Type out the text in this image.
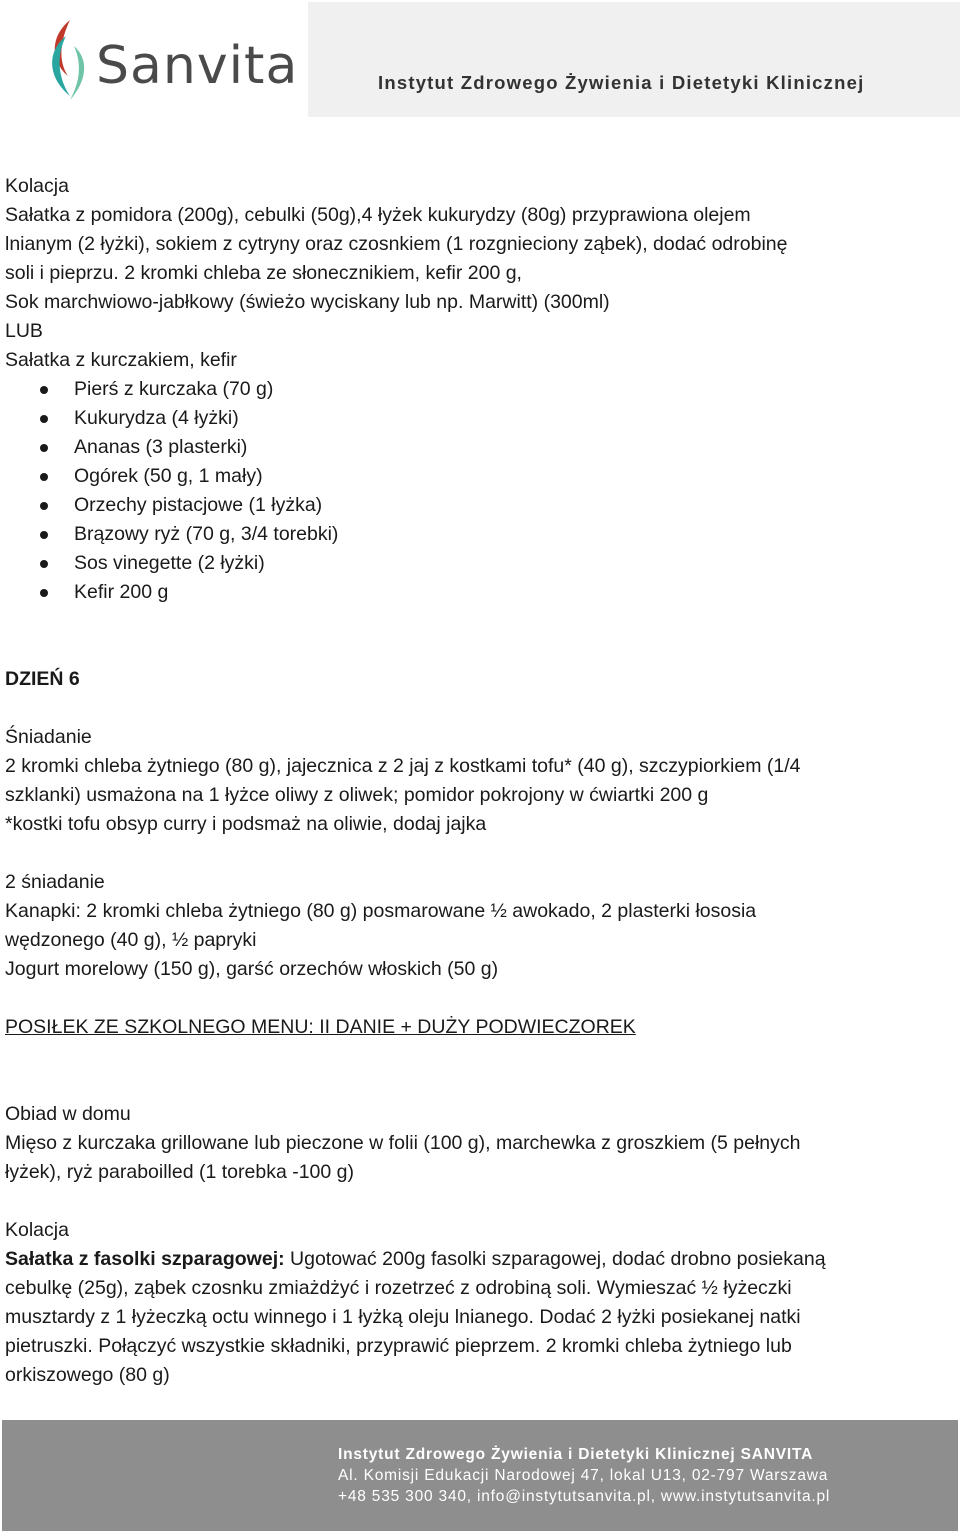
Sanvita	Instytut Zdrowego Żywienia i Dietetyki Klinicznej

Kolacja

Sałatka z pomidora (200g), cebulki (50g),4 łyżek kukurydzy (80g) przyprawiona olejem

lnianym (2 łyżki), sokiem z cytryny oraz czosnkiem (1 rozgnieciony ząbek), dodać odrobinę

soli i pieprzu. 2 kromki chleba ze słonecznikiem, kefir 200 g,

Sok marchwiowo-jabłkowy (świeżo wyciskany lub np. Marwitt) (300ml)

LUB

Sałatka z kurczakiem, kefir

Pierś z kurczaka (70 g)
Kukurydza (4 łyżki)
Ananas (3 plasterki)
Ogórek (50 g, 1 mały)
Orzechy pistacjowe (1 łyżka)
Brązowy ryż (70 g, 3/4 torebki)
Sos vinegette (2 łyżki)
Kefir 200 g

DZIEŃ 6

Śniadanie

2 kromki chleba żytniego (80 g), jajecznica z 2 jaj z kostkami tofu* (40 g), szczypiorkiem (1/4

szklanki) usmażona na 1 łyżce oliwy z oliwek; pomidor pokrojony w ćwiartki 200 g

*kostki tofu obsyp curry i podsmaż na oliwie, dodaj jajka

2 śniadanie

Kanapki: 2 kromki chleba żytniego (80 g) posmarowane ½ awokado, 2 plasterki łososia

wędzonego (40 g), ½ papryki

Jogurt morelowy (150 g), garść orzechów włoskich (50 g)

POSIŁEK ZE SZKOLNEGO MENU: II DANIE + DUŻY PODWIECZOREK

Obiad w domu

Mięso z kurczaka grillowane lub pieczone w folii (100 g), marchewka z groszkiem (5 pełnych

łyżek), ryż paraboilled (1 torebka -100 g)

Kolacja

Sałatka z fasolki szparagowej: Ugotować 200g fasolki szparagowej, dodać drobno posiekaną

cebulkę (25g), ząbek czosnku zmiażdżyć i rozetrzeć z odrobiną soli. Wymieszać ½ łyżeczki

musztardy z 1 łyżeczką octu winnego i 1 łyżką oleju lnianego. Dodać 2 łyżki posiekanej natki

pietruszki. Połączyć wszystkie składniki, przyprawić pieprzem. 2 kromki chleba żytniego lub

orkiszowego (80 g)

Instytut Zdrowego Żywienia i Dietetyki Klinicznej SANVITA
Al. Komisji Edukacji Narodowej 47, lokal U13, 02-797 Warszawa
+48 535 300 340, info@instytutsanvita.pl, www.instytutsanvita.pl
